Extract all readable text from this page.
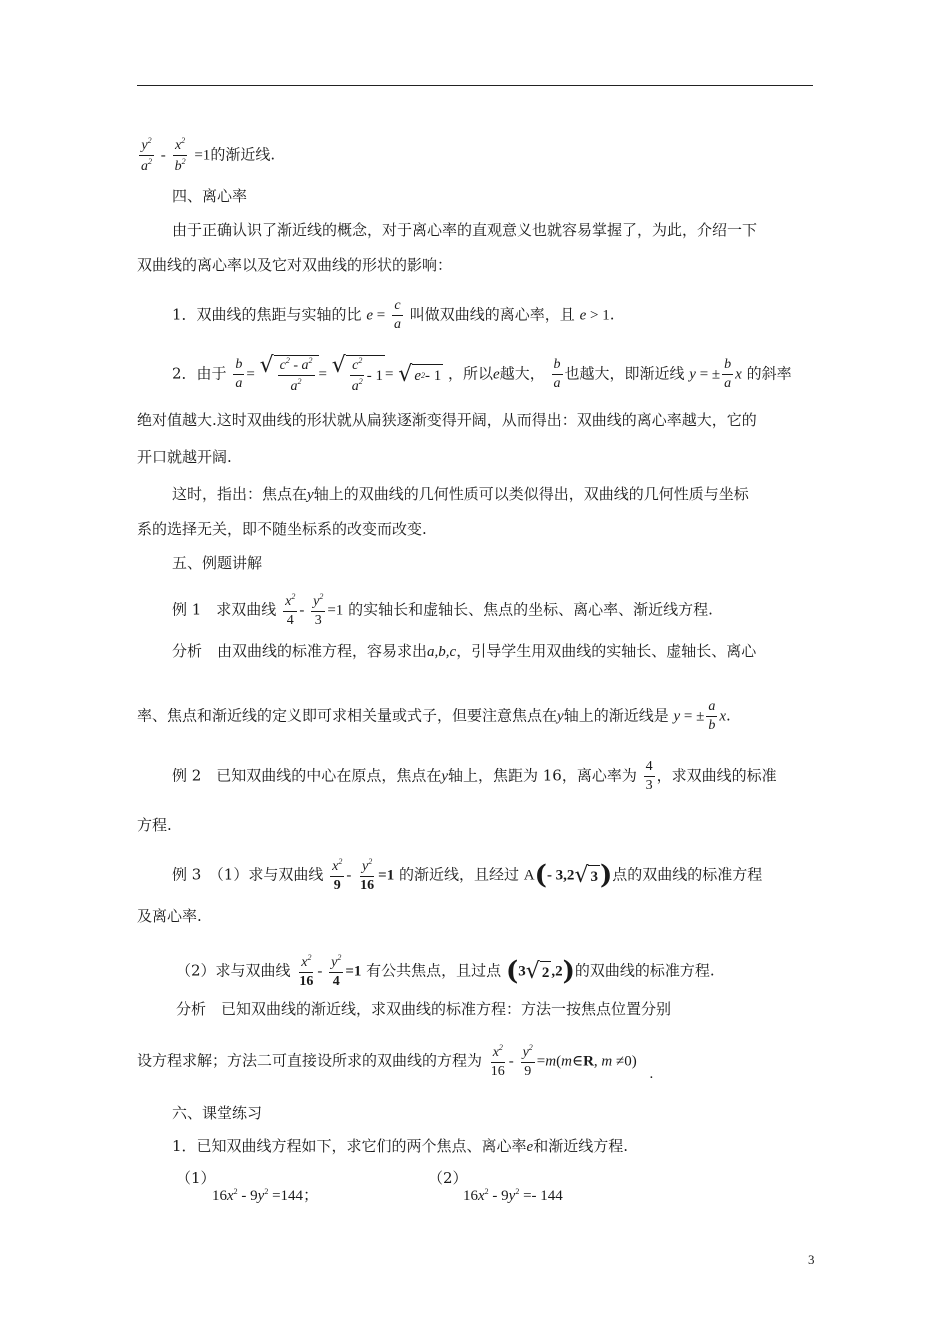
$\frac{y^2}{a^2} - \frac{x^2}{b^2} =1$的渐近线.
四、离心率
由于正确认识了渐近线的概念，对于离心率的直观意义也就容易掌握了，为此，介绍一下
双曲线的离心率以及它对双曲线的形状的影响：
1．双曲线的焦距与实轴的比 $e = \frac{c}{a}$ 叫做双曲线的离心率，且 e > 1.
2．由于 $\frac{b}{a}$ = √ $\frac{c^2 - a^2}{a^2}$ = √ $\frac{c^2}{a^2} - 1$ = √ e 2 - 1 ，所以e越大， $\frac{b}{a}$ 也越大，即渐近线 y = ± $\frac{b}{a}$ x 的斜率
绝对值越大.这时双曲线的形状就从扁狭逐渐变得开阔，从而得出：双曲线的离心率越大，它的
开口就越开阔.
这时，指出：焦点在y轴上的双曲线的几何性质可以类似得出，双曲线的几何性质与坐标
系的选择无关，即不随坐标系的改变而改变.
五、例题讲解
例 1　求双曲线 $\frac{x^2}{4} - \frac{y^2}{3} =1$ 的实轴长和虚轴长、焦点的坐标、离心率、渐近线方程.
分析　由双曲线的标准方程，容易求出a,b,c，引导学生用双曲线的实轴长、虚轴长、离心
率、焦点和渐近线的定义即可求相关量或式子，但要注意焦点在y轴上的渐近线是 y = ± $\frac{a}{b} x$.
例 2　已知双曲线的中心在原点，焦点在y轴上，焦距为 16，离心率为 $\frac{4}{3}$ ，求双曲线的标准
方程.
例 3　（1）求与双曲线 $\frac{x^2}{9} - \frac{y^2}{16} =1$ 的渐近线，且经过 A(- 3,2 √ 3 )点的双曲线的标准方程
及离心率.
（2）求与双曲线 $\frac{x^2}{16} - \frac{y^2}{4} =1$ 有公共焦点，且过点 (3 √ 2 ,2)的双曲线的标准方程.
分析　已知双曲线的渐近线，求双曲线的标准方程：方法一按焦点位置分别
设方程求解；方法二可直接设所求的双曲线的方程为 $\frac{x^2}{16} - \frac{y^2}{9}$ =m(m∈R, m ≠0) .
六、课堂练习
1．已知双曲线方程如下，求它们的两个焦点、离心率e和渐近线方程.
（1）
$16x^2 - 9y^2 =144$；
（2）
$16x^2 - 9y^2 =- 144$
3
